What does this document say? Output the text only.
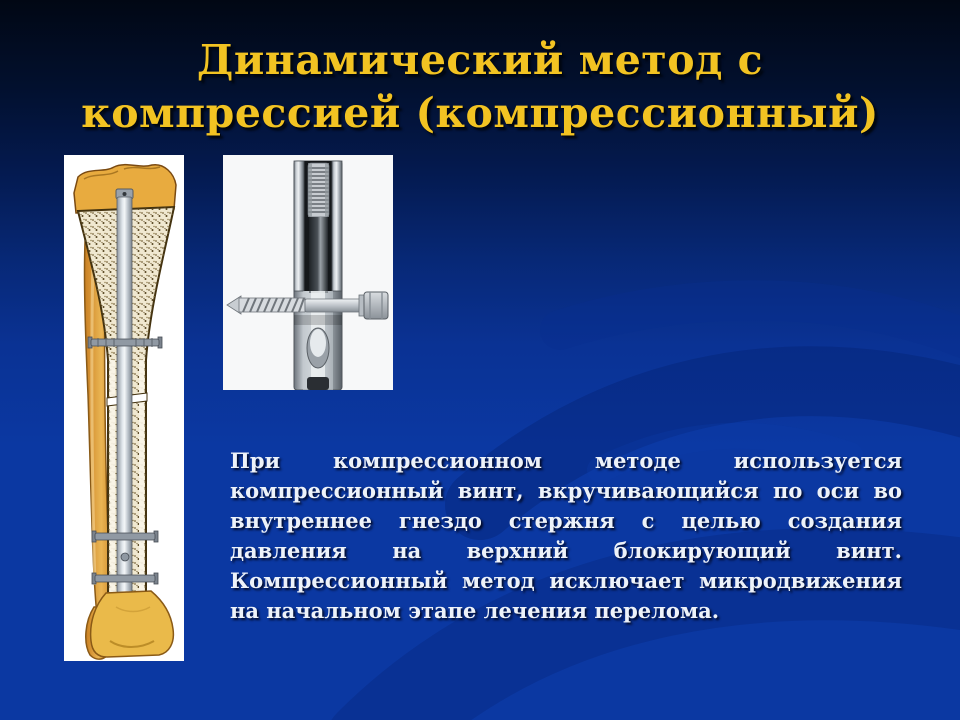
Динамический метод с
компрессией (компрессионный)

При компрессионном методе используется компрессионный винт, вкручивающийся по оси во внутреннее гнездо стержня с целью создания давления на верхний блокирующий винт. Компрессионный метод исключает микродвижения на начальном этапе лечения перелома.
